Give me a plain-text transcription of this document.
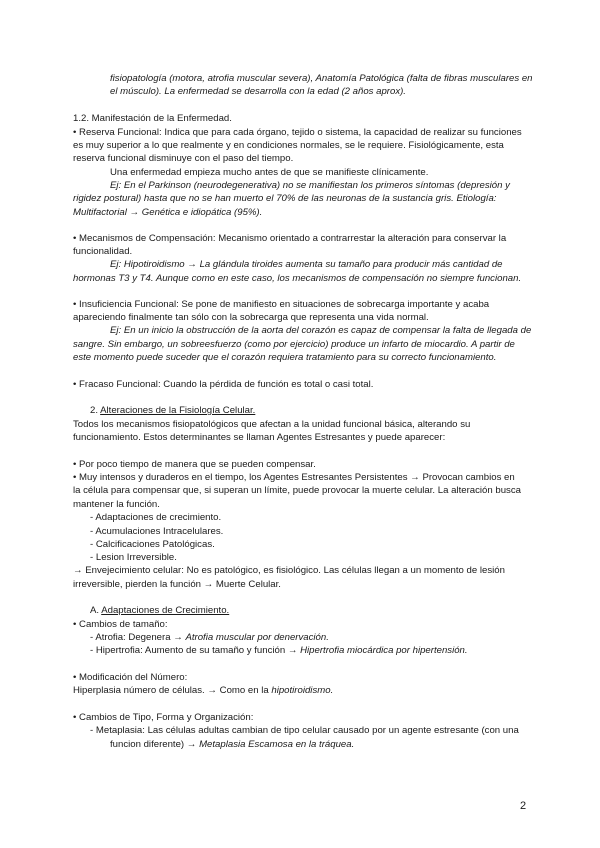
fisiopatología (motora, atrofia muscular severa), Anatomía Patológica (falta de fibras musculares en
el músculo). La enfermedad se desarrolla con la edad (2 años aprox).
1.2. Manifestación de la Enfermedad.
• Reserva Funcional: Indica que para cada órgano, tejido o sistema, la capacidad de realizar su funciones
es muy superior a lo que realmente y en condiciones normales, se le requiere. Fisiológicamente, esta
reserva funcional disminuye con el paso del tiempo.
Una enfermedad empieza mucho antes de que se manifieste clínicamente.
Ej: En el Parkinson (neurodegenerativa) no se manifiestan los primeros síntomas (depresión y
rigidez postural) hasta que no se han muerto el 70% de las neuronas de la sustancia gris. Etiología:
Multifactorial → Genética e idiopática (95%).
• Mecanismos de Compensación: Mecanismo orientado a contrarrestar la alteración para conservar la
funcionalidad.
Ej: Hipotiroidismo → La glándula tiroides aumenta su tamaño para producir más cantidad de
hormonas T3 y T4. Aunque como en este caso, los mecanismos de compensación no siempre funcionan.
• Insuficiencia Funcional: Se pone de manifiesto en situaciones de sobrecarga importante y acaba
apareciendo finalmente tan sólo con la sobrecarga que representa una vida normal.
Ej: En un inicio la obstrucción de la aorta del corazón es capaz de compensar la falta de llegada de
sangre. Sin embargo, un sobreesfuerzo (como por ejercicio) produce un infarto de miocardio. A partir de
este momento puede suceder que el corazón requiera tratamiento para su correcto funcionamiento.
• Fracaso Funcional: Cuando la pérdida de función es total o casi total.
2. Alteraciones de la Fisiología Celular.
Todos los mecanismos fisiopatológicos que afectan a la unidad funcional básica, alterando su
funcionamiento. Estos determinantes se llaman Agentes Estresantes y puede aparecer:
• Por poco tiempo de manera que se pueden compensar.
• Muy intensos y duraderos en el tiempo, los Agentes Estresantes Persistentes → Provocan cambios en
la célula para compensar que, si superan un límite, puede provocar la muerte celular. La alteración busca
mantener la función.
- Adaptaciones de crecimiento.
- Acumulaciones Intracelulares.
- Calcificaciones Patológicas.
- Lesion Irreversible.
→ Envejecimiento celular: No es patológico, es fisiológico. Las células llegan a un momento de lesión
irreversible, pierden la función → Muerte Celular.
A. Adaptaciones de Crecimiento.
• Cambios de tamaño:
- Atrofia: Degenera → Atrofia muscular por denervación.
- Hipertrofia: Aumento de su tamaño y función → Hipertrofia miocárdica por hipertensión.
• Modificación del Número:
Hiperplasia número de células. → Como en la hipotiroidismo.
• Cambios de Tipo, Forma y Organización:
- Metaplasia: Las células adultas cambian de tipo celular causado por un agente estresante (con una
funcion diferente) → Metaplasia Escamosa en la tráquea.
2
